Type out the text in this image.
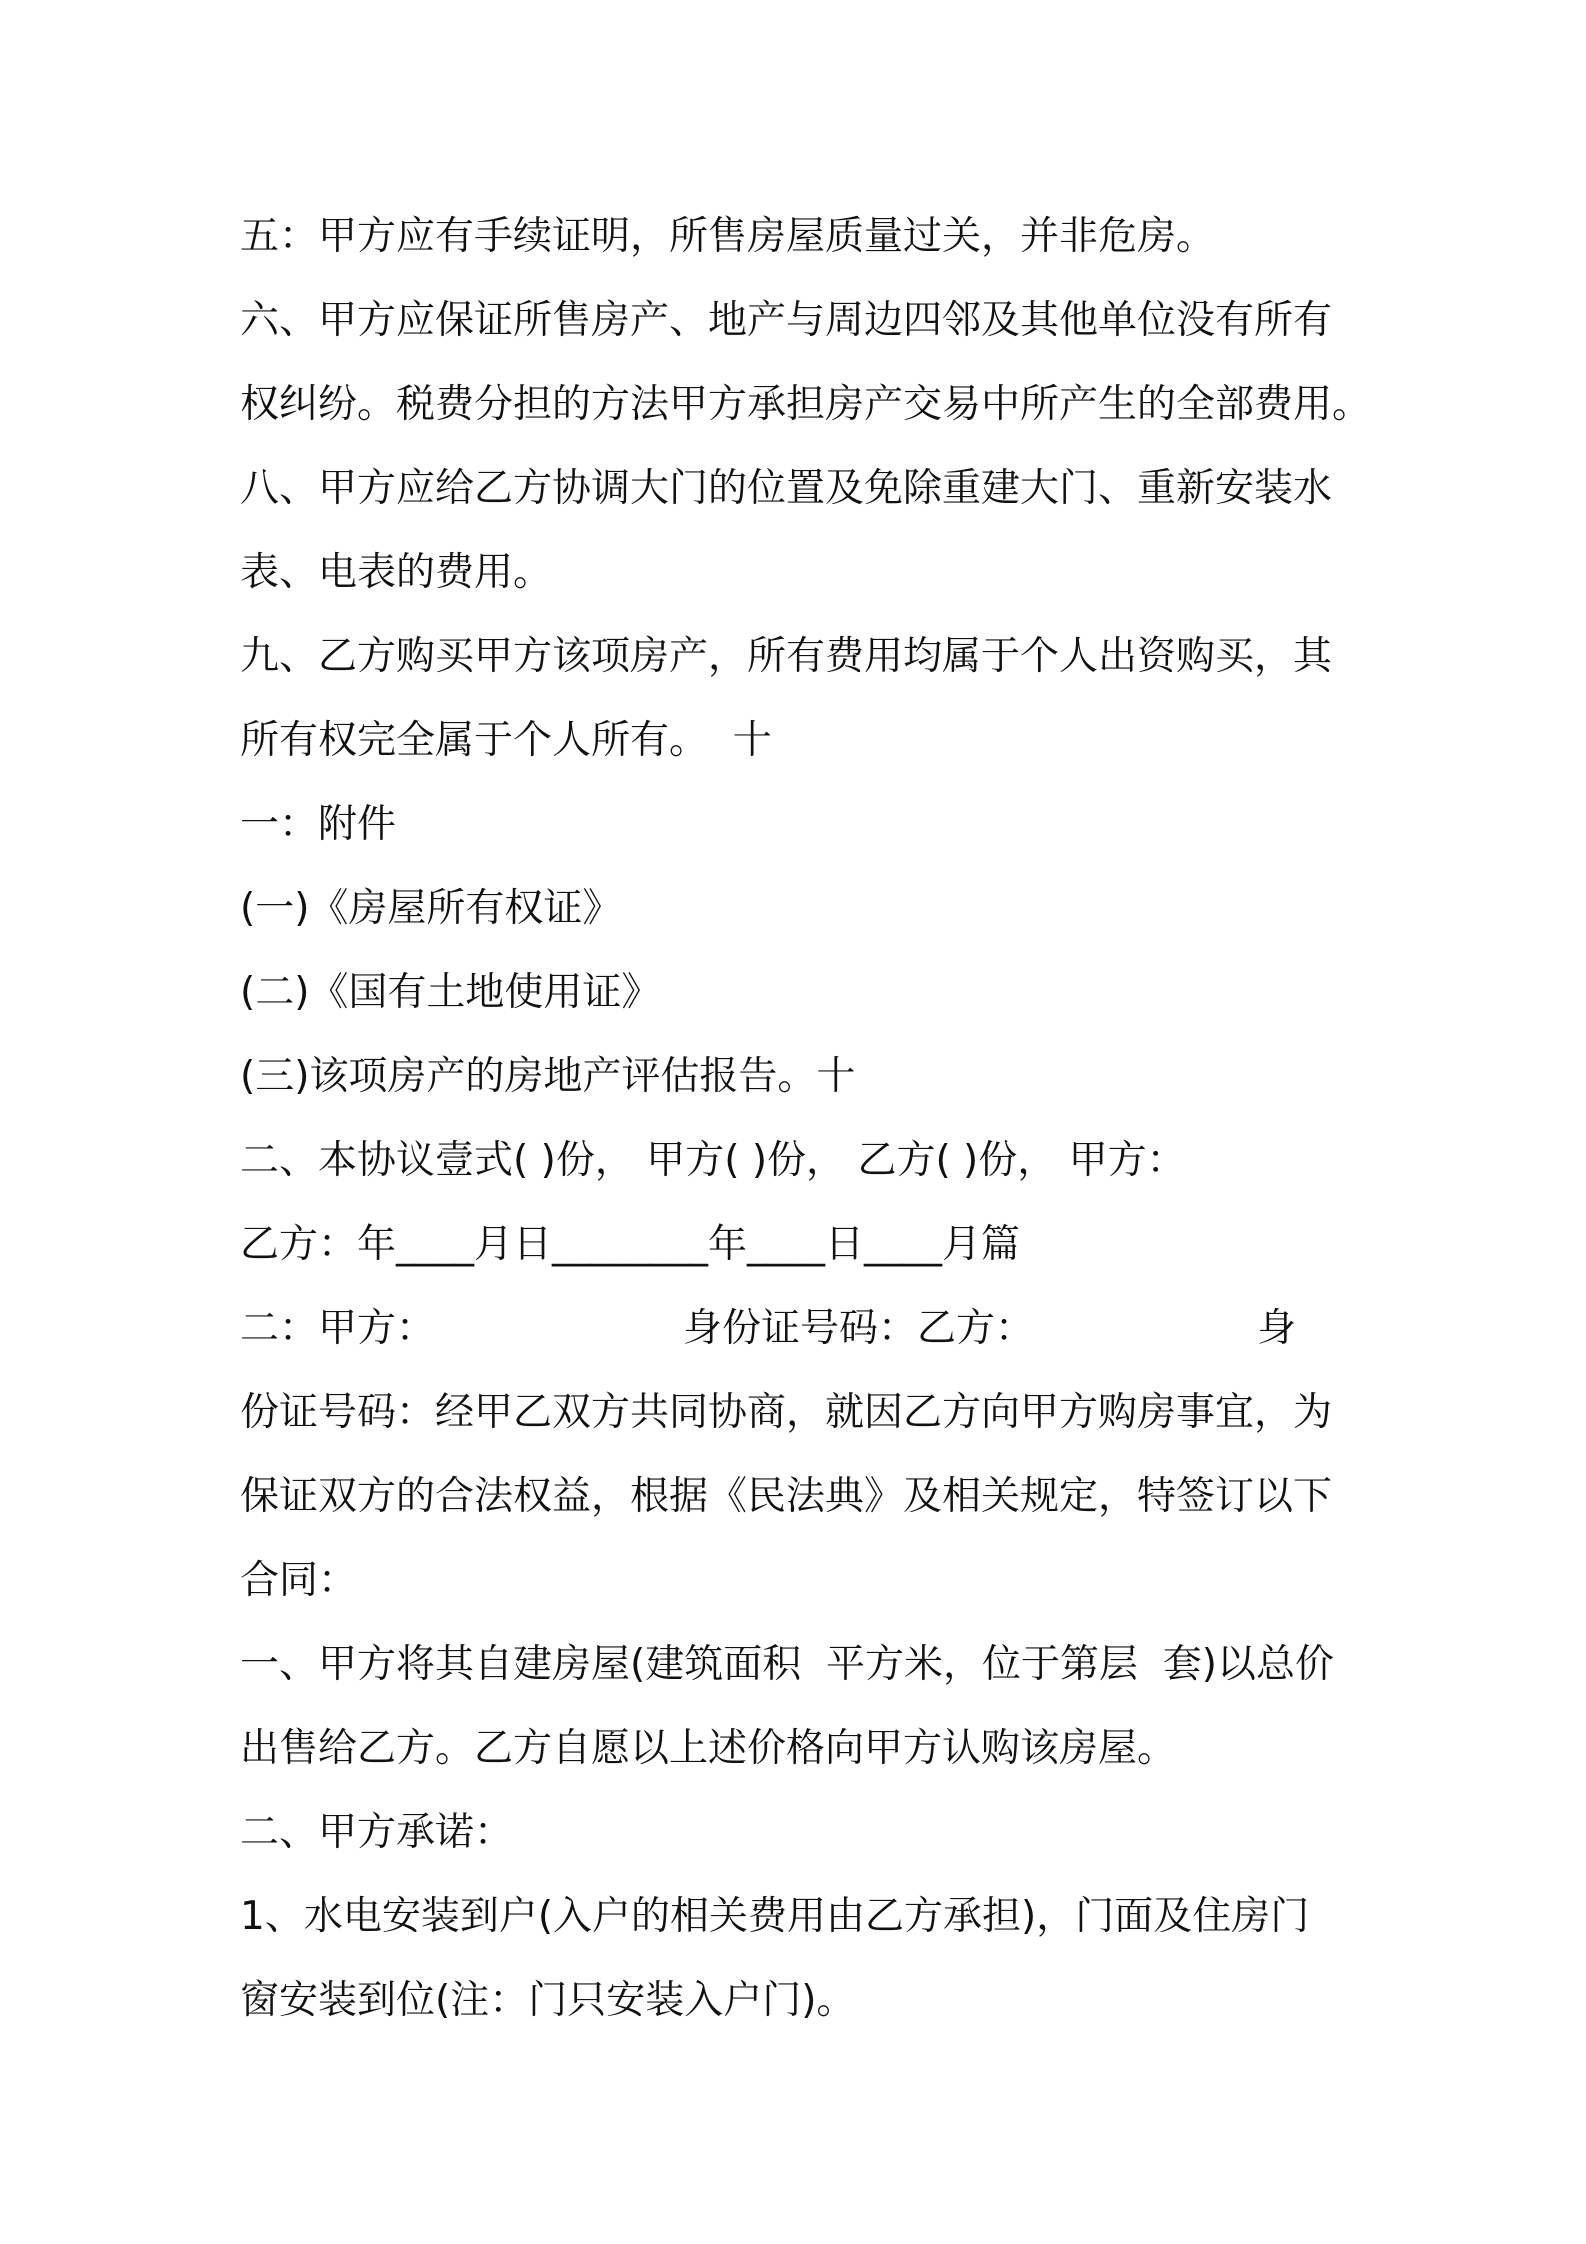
五：甲方应有手续证明，所售房屋质量过关，并非危房。
六、甲方应保证所售房产、地产与周边四邻及其他单位没有所有
权纠纷。税费分担的方法甲方承担房产交易中所产生的全部费用。
八、甲方应给乙方协调大门的位置及免除重建大门、重新安装水
表、电表的费用。
九、乙方购买甲方该项房产，所有费用均属于个人出资购买，其
所有权完全属于个人所有。  十
一：附件
(一)《房屋所有权证》
(二)《国有土地使用证》
(三)该项房产的房地产评估报告。十
二、本协议壹式( )份， 甲方( )份， 乙方( )份， 甲方：
乙方：年____月日________年____日____月篇
二：甲方：                    身份证号码：乙方：                  身
份证号码：经甲乙双方共同协商，就因乙方向甲方购房事宜，为
保证双方的合法权益，根据《民法典》及相关规定，特签订以下
合同：
一、甲方将其自建房屋(建筑面积  平方米，位于第层  套)以总价
出售给乙方。乙方自愿以上述价格向甲方认购该房屋。
二、甲方承诺：
1、水电安装到户(入户的相关费用由乙方承担)，门面及住房门
窗安装到位(注：门只安装入户门)。
